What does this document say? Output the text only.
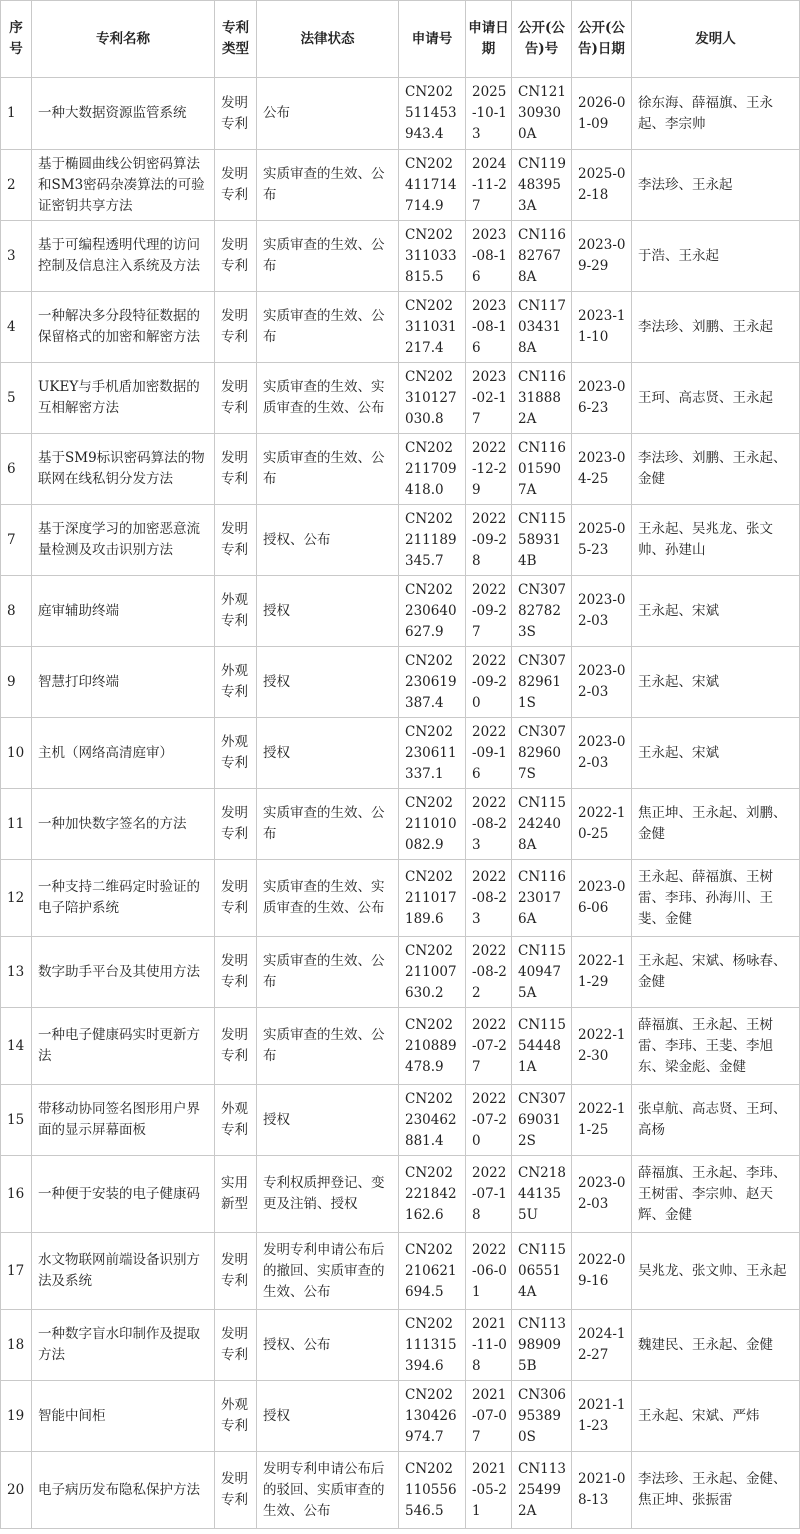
序号	专利名称	专利类型	法律状态	申请号	申请日期	公开(公告)号	公开(公告)日期	发明人
1	一种大数据资源监管系统	发明专利	公布	CN202511453943.4	2025-10-13	CN121309300A	2026-01-09	徐东海、薛福旗、王永起、李宗帅
2	基于椭圆曲线公钥密码算法和SM3密码杂凑算法的可验证密钥共享方法	发明专利	实质审查的生效、公布	CN202411714714.9	2024-11-27	CN119483953A	2025-02-18	李法珍、王永起
3	基于可编程透明代理的访问控制及信息注入系统及方法	发明专利	实质审查的生效、公布	CN202311033815.5	2023-08-16	CN116827678A	2023-09-29	于浩、王永起
4	一种解决多分段特征数据的保留格式的加密和解密方法	发明专利	实质审查的生效、公布	CN202311031217.4	2023-08-16	CN117034318A	2023-11-10	李法珍、刘鹏、王永起
5	UKEY与手机盾加密数据的互相解密方法	发明专利	实质审查的生效、实质审查的生效、公布	CN202310127030.8	2023-02-17	CN116318882A	2023-06-23	王珂、高志贤、王永起
6	基于SM9标识密码算法的物联网在线私钥分发方法	发明专利	实质审查的生效、公布	CN202211709418.0	2022-12-29	CN116015907A	2023-04-25	李法珍、刘鹏、王永起、金健
7	基于深度学习的加密恶意流量检测及攻击识别方法	发明专利	授权、公布	CN202211189345.7	2022-09-28	CN115589314B	2025-05-23	王永起、吴兆龙、张文帅、孙建山
8	庭审辅助终端	外观专利	授权	CN202230640627.9	2022-09-27	CN307827823S	2023-02-03	王永起、宋斌
9	智慧打印终端	外观专利	授权	CN202230619387.4	2022-09-20	CN307829611S	2023-02-03	王永起、宋斌
10	主机（网络高清庭审）	外观专利	授权	CN202230611337.1	2022-09-16	CN307829607S	2023-02-03	王永起、宋斌
11	一种加快数字签名的方法	发明专利	实质审查的生效、公布	CN202211010082.9	2022-08-23	CN115242408A	2022-10-25	焦正坤、王永起、刘鹏、金健
12	一种支持二维码定时验证的电子陪护系统	发明专利	实质审查的生效、实质审查的生效、公布	CN202211017189.6	2022-08-23	CN116230176A	2023-06-06	王永起、薛福旗、王树雷、李玮、孙海川、王斐、金健
13	数字助手平台及其使用方法	发明专利	实质审查的生效、公布	CN202211007630.2	2022-08-22	CN115409475A	2022-11-29	王永起、宋斌、杨咏春、金健
14	一种电子健康码实时更新方法	发明专利	实质审查的生效、公布	CN202210889478.9	2022-07-27	CN115544481A	2022-12-30	薛福旗、王永起、王树雷、李玮、王斐、李旭东、梁金彪、金健
15	带移动协同签名图形用户界面的显示屏幕面板	外观专利	授权	CN202230462881.4	2022-07-20	CN307690312S	2022-11-25	张卓航、高志贤、王珂、高杨
16	一种便于安装的电子健康码	实用新型	专利权质押登记、变更及注销、授权	CN202221842162.6	2022-07-18	CN218441355U	2023-02-03	薛福旗、王永起、李玮、王树雷、李宗帅、赵天辉、金健
17	水文物联网前端设备识别方法及系统	发明专利	发明专利申请公布后的撤回、实质审查的生效、公布	CN202210621694.5	2022-06-01	CN115065514A	2022-09-16	吴兆龙、张文帅、王永起
18	一种数字盲水印制作及提取方法	发明专利	授权、公布	CN202111315394.6	2021-11-08	CN113989095B	2024-12-27	魏建民、王永起、金健
19	智能中间柜	外观专利	授权	CN202130426974.7	2021-07-07	CN306953890S	2021-11-23	王永起、宋斌、严炜
20	电子病历发布隐私保护方法	发明专利	发明专利申请公布后的驳回、实质审查的生效、公布	CN202110556546.5	2021-05-21	CN113254992A	2021-08-13	李法珍、王永起、金健、焦正坤、张振雷
